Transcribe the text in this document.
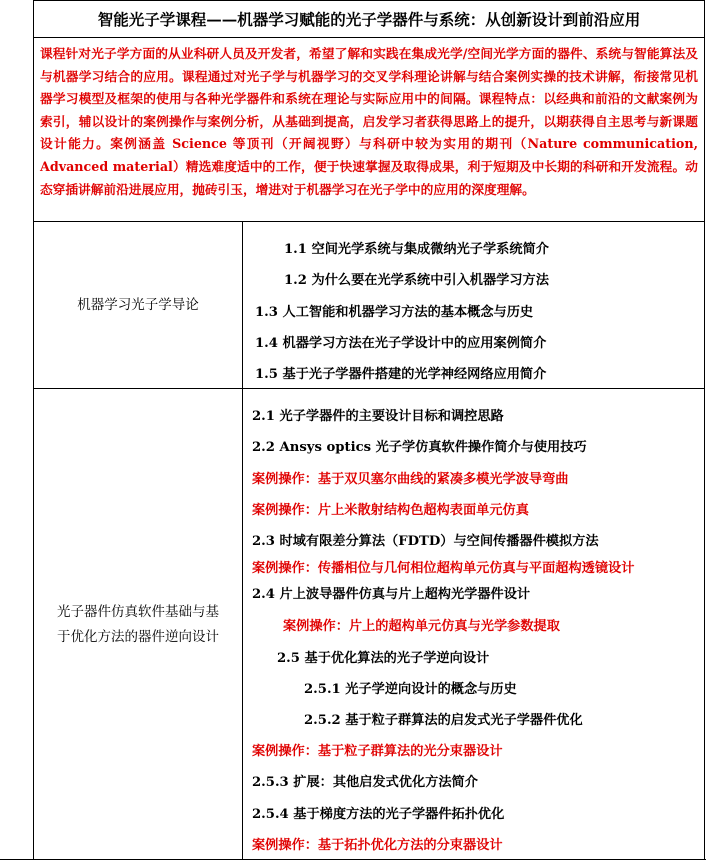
智能光子学课程——机器学习赋能的光子学器件与系统：从创新设计到前沿应用
课程针对光子学方面的从业科研人员及开发者，希望了解和实践在集成光学/空间光学方面的器件、系统与智能算法及与机器学习结合的应用。课程通过对光子学与机器学习的交叉学科理论讲解与结合案例实操的技术讲解，衔接常见机器学习模型及框架的使用与各种光学器件和系统在理论与实际应用中的间隔。课程特点：以经典和前沿的文献案例为索引，辅以设计的案例操作与案例分析，从基础到提高，启发学习者获得思路上的提升，以期获得自主思考与新课题设计能力。案例涵盖 Science 等顶刊（开阔视野）与科研中较为实用的期刊（Nature communication, Advanced material）精选难度适中的工作，便于快速掌握及取得成果，利于短期及中长期的科研和开发流程。动态穿插讲解前沿进展应用，抛砖引玉，增进对于机器学习在光子学中的应用的深度理解。
机器学习光子学导论
1.1 空间光学系统与集成微纳光子学系统简介
1.2 为什么要在光学系统中引入机器学习方法
1.3 人工智能和机器学习方法的基本概念与历史
1.4 机器学习方法在光子学设计中的应用案例简介
1.5 基于光子学器件搭建的光学神经网络应用简介
光子器件仿真软件基础与基
于优化方法的器件逆向设计
2.1 光子学器件的主要设计目标和调控思路
2.2 Ansys optics 光子学仿真软件操作简介与使用技巧
案例操作：基于双贝塞尔曲线的紧凑多模光学波导弯曲
案例操作：片上米散射结构色超构表面单元仿真
2.3 时域有限差分算法（FDTD）与空间传播器件模拟方法
案例操作：传播相位与几何相位超构单元仿真与平面超构透镜设计
2.4 片上波导器件仿真与片上超构光学器件设计
案例操作：片上的超构单元仿真与光学参数提取
2.5 基于优化算法的光子学逆向设计
2.5.1 光子学逆向设计的概念与历史
2.5.2 基于粒子群算法的启发式光子学器件优化
案例操作：基于粒子群算法的光分束器设计
2.5.3 扩展：其他启发式优化方法简介
2.5.4 基于梯度方法的光子学器件拓扑优化
案例操作：基于拓扑优化方法的分束器设计
